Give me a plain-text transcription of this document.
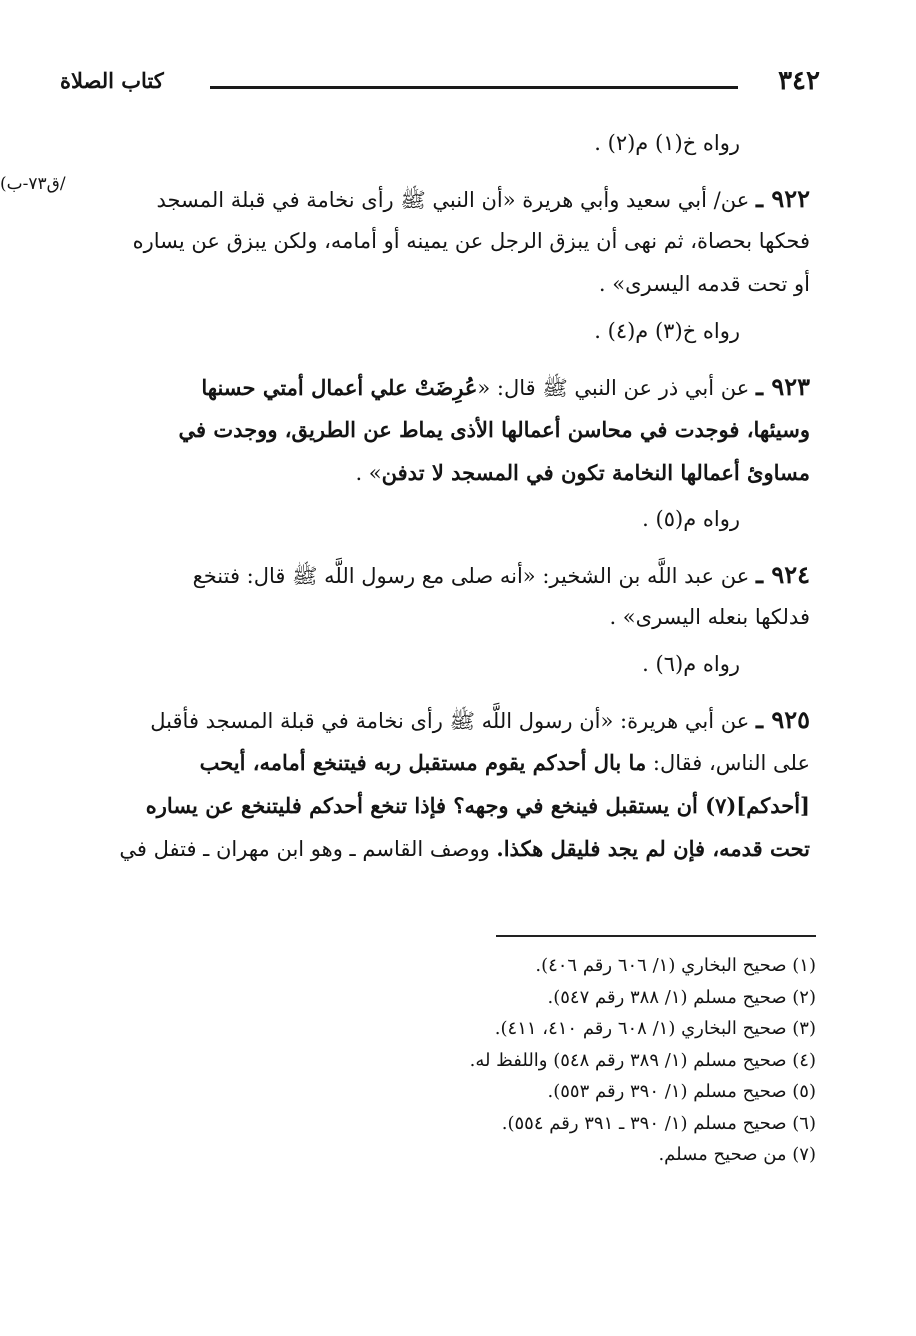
٣٤٢
كتاب الصلاة
/ق٧٣-ب)
رواه خ(١) م(٢) .
٩٢٢ ـ عن/ أبي سعيد وأبي هريرة «أن النبي ﷺ رأى نخامة في قبلة المسجد
فحكها بحصاة، ثم نهى أن يبزق الرجل عن يمينه أو أمامه، ولكن يبزق عن يساره
أو تحت قدمه اليسرى» .
رواه خ(٣) م(٤) .
٩٢٣ ـ عن أبي ذر عن النبي ﷺ قال: «عُرِضَتْ علي أعمال أمتي حسنها
وسيئها، فوجدت في محاسن أعمالها الأذى يماط عن الطريق، ووجدت في
مساوئ أعمالها النخامة تكون في المسجد لا تدفن» .
رواه م(٥) .
٩٢٤ ـ عن عبد اللَّه بن الشخير: «أنه صلى مع رسول اللَّه ﷺ قال: فتنخع
فدلكها بنعله اليسرى» .
رواه م(٦) .
٩٢٥ ـ عن أبي هريرة: «أن رسول اللَّه ﷺ رأى نخامة في قبلة المسجد فأقبل
على الناس، فقال: ما بال أحدكم يقوم مستقبل ربه فيتنخع أمامه، أيحب
[أحدكم](٧) أن يستقبل فينخع في وجهه؟ فإذا تنخع أحدكم فليتنخع عن يساره
تحت قدمه، فإن لم يجد فليقل هكذا. ووصف القاسم ـ وهو ابن مهران ـ فتفل في
(١) صحيح البخاري (١/ ٦٠٦ رقم ٤٠٦).
(٢) صحيح مسلم (١/ ٣٨٨ رقم ٥٤٧).
(٣) صحيح البخاري (١/ ٦٠٨ رقم ٤١٠، ٤١١).
(٤) صحيح مسلم (١/ ٣٨٩ رقم ٥٤٨) واللفظ له.
(٥) صحيح مسلم (١/ ٣٩٠ رقم ٥٥٣).
(٦) صحيح مسلم (١/ ٣٩٠ ـ ٣٩١ رقم ٥٥٤).
(٧) من صحيح مسلم.
